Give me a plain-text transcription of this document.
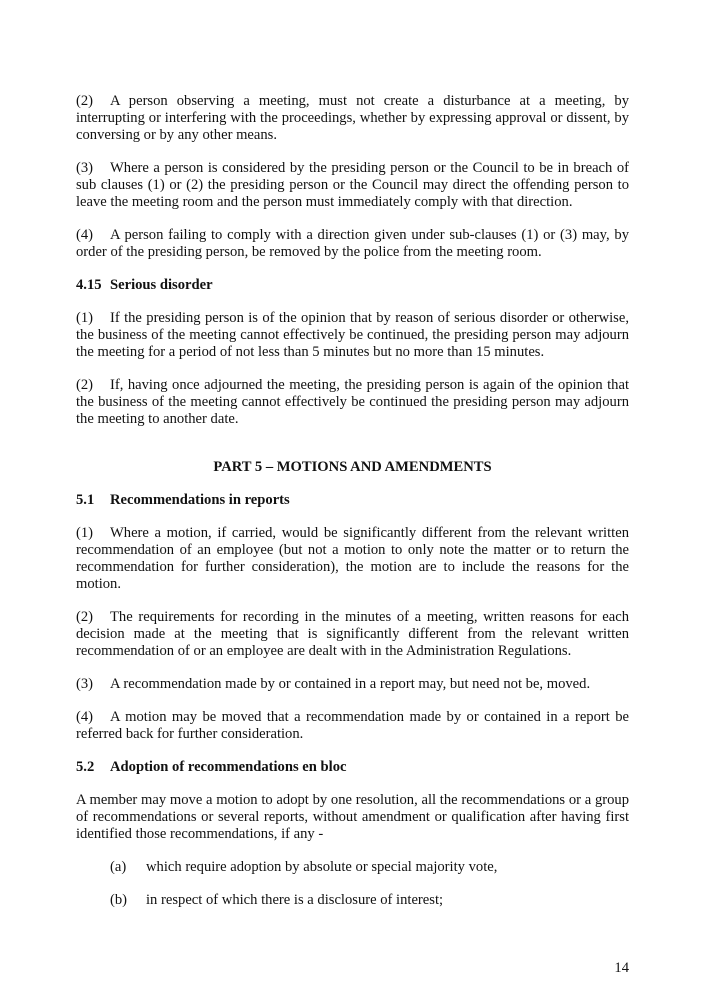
(2) A person observing a meeting, must not create a disturbance at a meeting, by interrupting or interfering with the proceedings, whether by expressing approval or dissent, by conversing or by any other means.

(3) Where a person is considered by the presiding person or the Council to be in breach of sub clauses (1) or (2) the presiding person or the Council may direct the offending person to leave the meeting room and the person must immediately comply with that direction.

(4) A person failing to comply with a direction given under sub-clauses (1) or (3) may, by order of the presiding person, be removed by the police from the meeting room.

4.15 Serious disorder

(1) If the presiding person is of the opinion that by reason of serious disorder or otherwise, the business of the meeting cannot effectively be continued, the presiding person may adjourn the meeting for a period of not less than 5 minutes but no more than 15 minutes.

(2) If, having once adjourned the meeting, the presiding person is again of the opinion that the business of the meeting cannot effectively be continued the presiding person may adjourn the meeting to another date.

PART 5 – MOTIONS AND AMENDMENTS
5.1 Recommendations in reports

(1) Where a motion, if carried, would be significantly different from the relevant written recommendation of an employee (but not a motion to only note the matter or to return the recommendation for further consideration), the motion are to include the reasons for the motion.

(2) The requirements for recording in the minutes of a meeting, written reasons for each decision made at the meeting that is significantly different from the relevant written recommendation of or an employee are dealt with in the Administration Regulations.

(3) A recommendation made by or contained in a report may, but need not be, moved.

(4) A motion may be moved that a recommendation made by or contained in a report be referred back for further consideration.

5.2 Adoption of recommendations en bloc

A member may move a motion to adopt by one resolution, all the recommendations or a group of recommendations or several reports, without amendment or qualification after having first identified those recommendations, if any -

(a) which require adoption by absolute or special majority vote,
(b) in respect of which there is a disclosure of interest;
14
